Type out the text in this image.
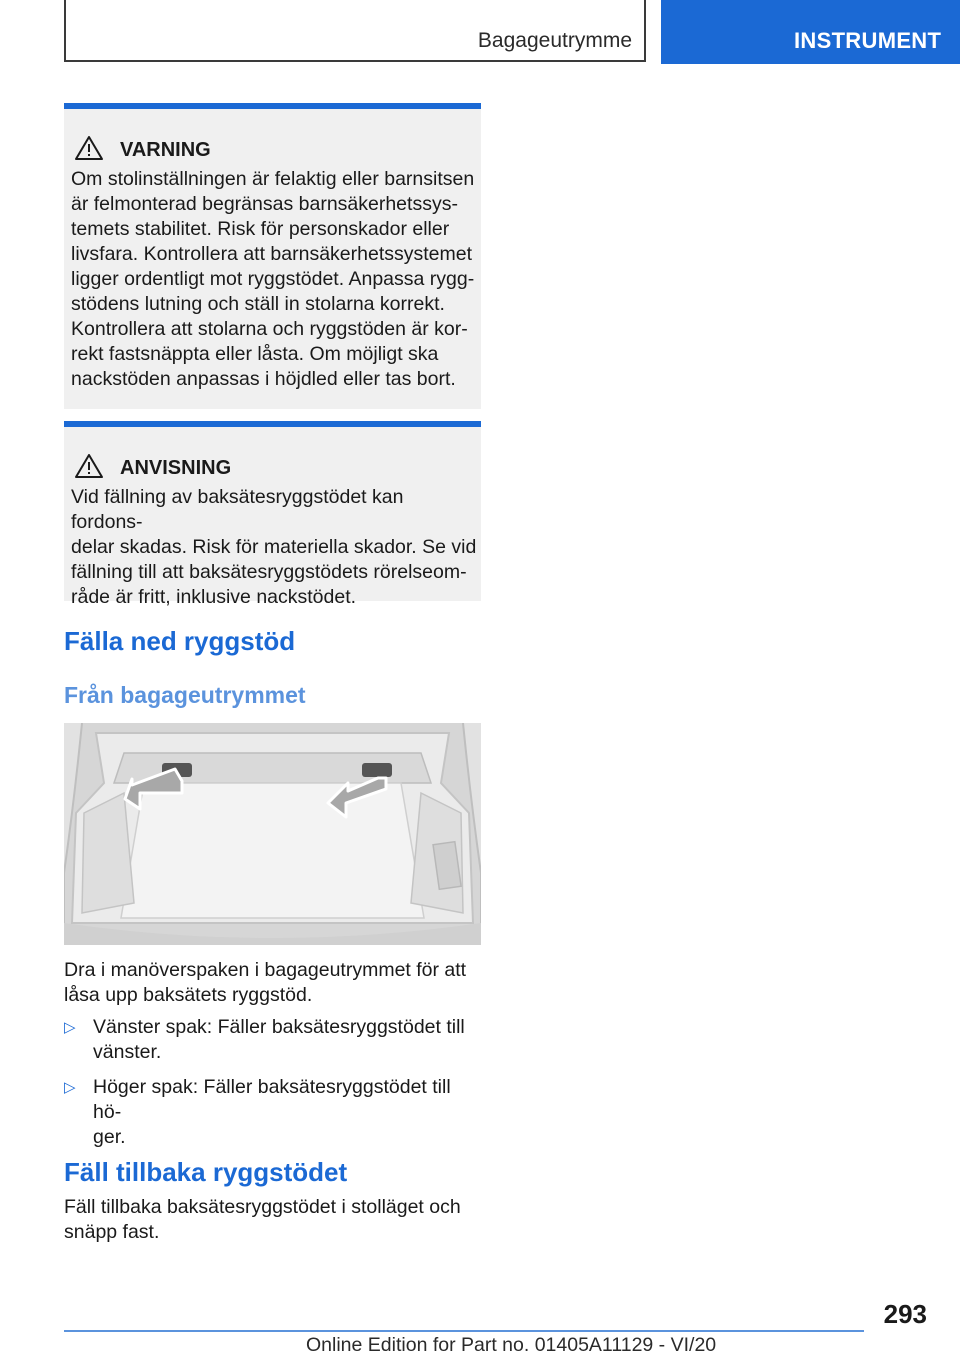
Bagageutrymme	INSTRUMENT
VARNING
Om stolinställningen är felaktig eller barnsitsen
är felmonterad begränsas barnsäkerhetssys-
temets stabilitet. Risk för personskador eller
livsfara. Kontrollera att barnsäkerhetssystemet
ligger ordentligt mot ryggstödet. Anpassa rygg-
stödens lutning och ställ in stolarna korrekt.
Kontrollera att stolarna och ryggstöden är kor-
rekt fastsnäppta eller låsta. Om möjligt ska
nackstöden anpassas i höjdled eller tas bort.
ANVISNING
Vid fällning av baksätesryggstödet kan fordons-
delar skadas. Risk för materiella skador. Se vid
fällning till att baksätesryggstödets rörelseom-
råde är fritt, inklusive nackstödet.
Fälla ned ryggstöd
Från bagageutrymmet
Dra i manöverspaken i bagageutrymmet för att
låsa upp baksätets ryggstöd.
▷ Vänster spak: Fäller baksätesryggstödet till
vänster.
▷ Höger spak: Fäller baksätesryggstödet till hö-
ger.
Fäll tillbaka ryggstödet
Fäll tillbaka baksätesryggstödet i stolläget och
snäpp fast.
293
Online Edition for Part no. 01405A11129 - VI/20
